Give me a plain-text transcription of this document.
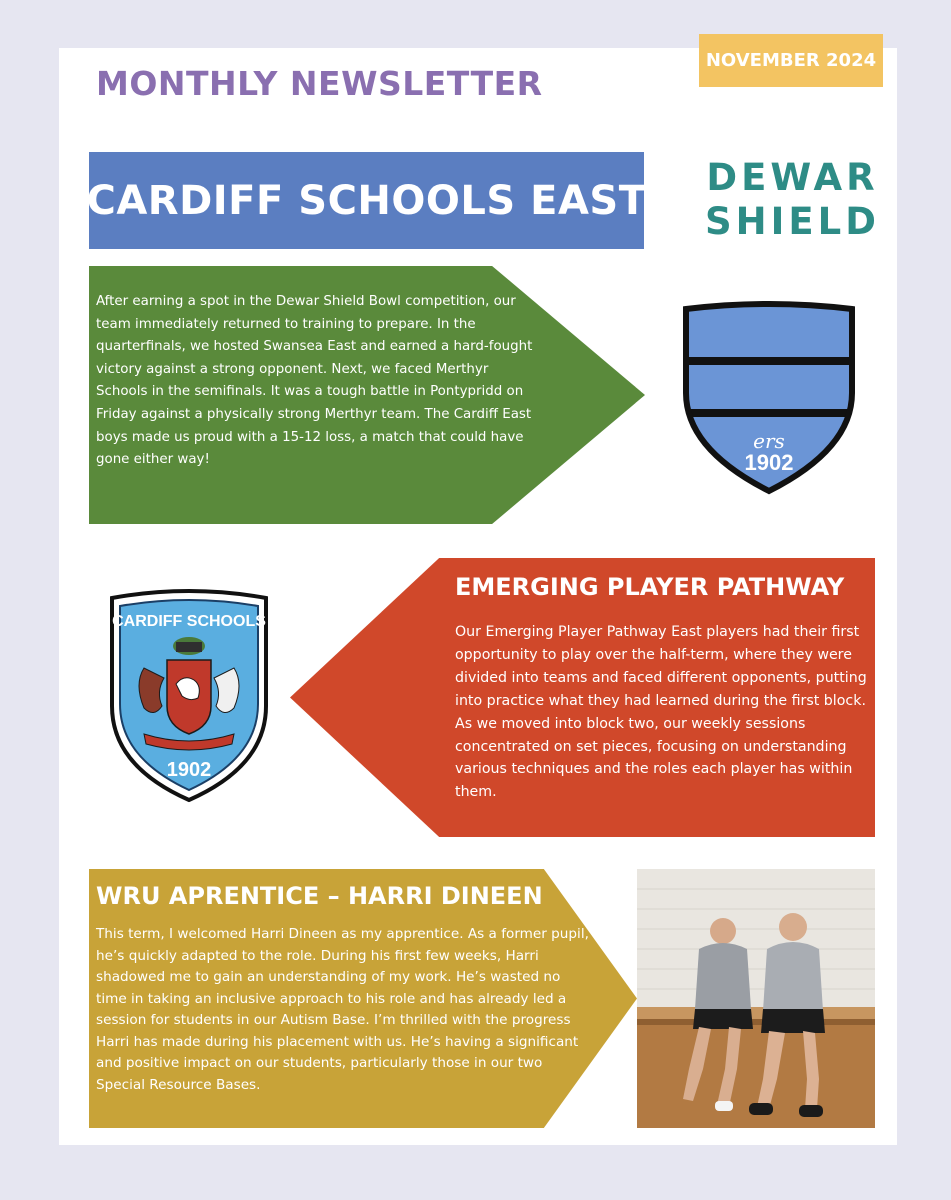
MONTHLY NEWSLETTER
NOVEMBER 2024
CARDIFF SCHOOLS EAST DEWAR
SHIELD
After earning a spot in the Dewar Shield Bowl competition, our team immediately returned to training to prepare. In the quarterfinals, we hosted Swansea East and earned a hard-fought victory against a strong opponent. Next, we faced Merthyr Schools in the semifinals. It was a tough battle in Pontypridd on Friday against a physically strong Merthyr team. The Cardiff East boys made us proud with a 15-12 loss, a match that could have gone either way!
ers
1902
CARDIFF SCHOOLS
1902
EMERGING PLAYER PATHWAY
Our Emerging Player Pathway East players had their first opportunity to play over the half-term, where they were divided into teams and faced different opponents, putting into practice what they had learned during the first block. As we moved into block two, our weekly sessions concentrated on set pieces, focusing on understanding various techniques and the roles each player has within them.
WRU APRENTICE – HARRI DINEEN
This term, I welcomed Harri Dineen as my apprentice. As a former pupil, he’s quickly adapted to the role. During his first few weeks, Harri shadowed me to gain an understanding of my work. He’s wasted no time in taking an inclusive approach to his role and has already led a session for students in our Autism Base. I’m thrilled with the progress Harri has made during his placement with us. He’s having a significant and positive impact on our students, particularly those in our two Special Resource Bases.
